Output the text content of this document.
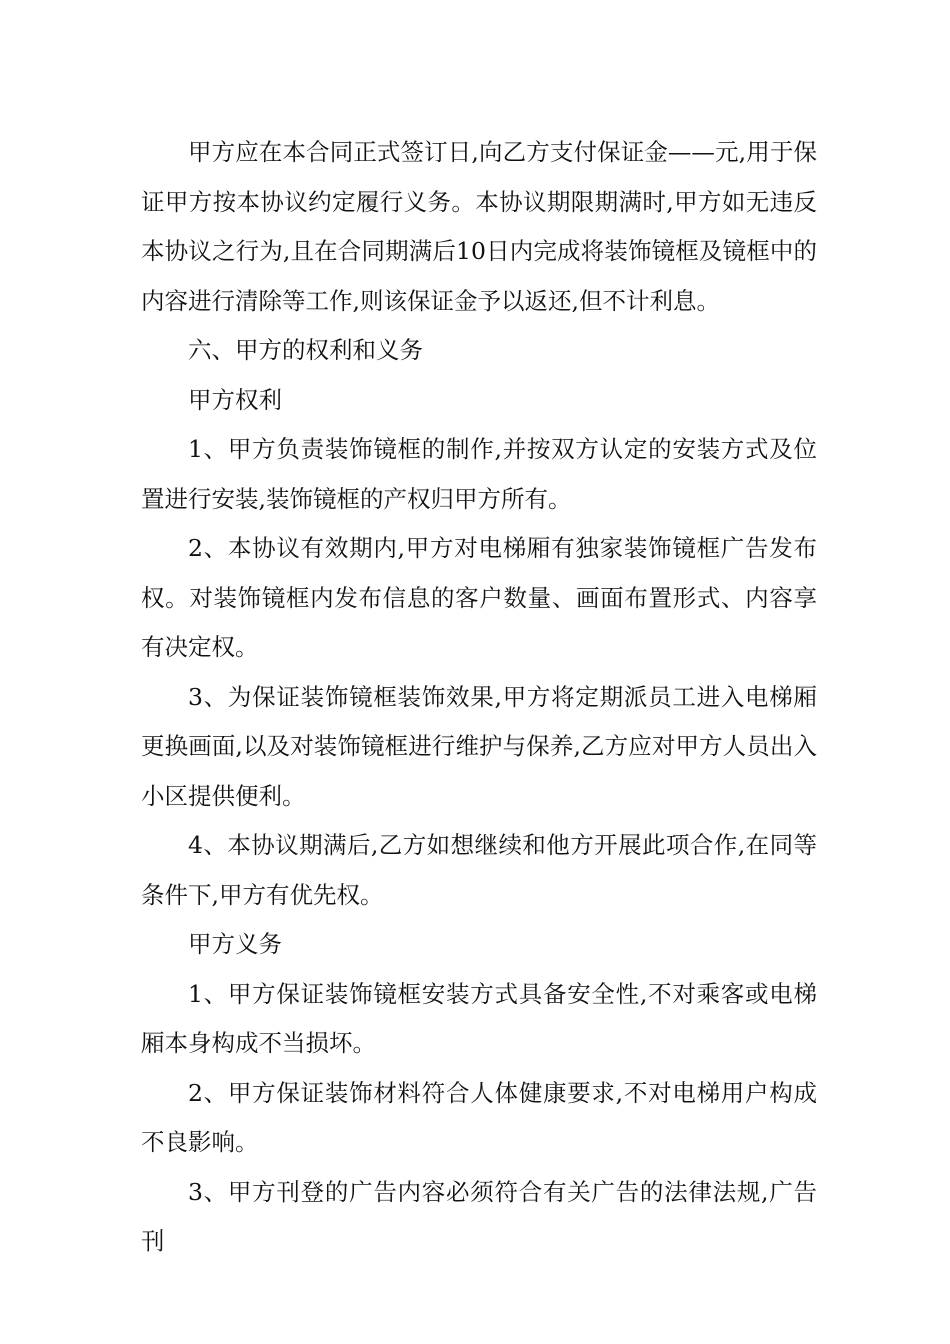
甲方应在本合同正式签订日,向乙方支付保证金——元,用于保证甲方按本协议约定履行义务。本协议期限期满时,甲方如无违反本协议之行为,且在合同期满后10日内完成将装饰镜框及镜框中的内容进行清除等工作,则该保证金予以返还,但不计利息。

六、甲方的权利和义务

甲方权利

1、甲方负责装饰镜框的制作,并按双方认定的安装方式及位置进行安装,装饰镜框的产权归甲方所有。

2、本协议有效期内,甲方对电梯厢有独家装饰镜框广告发布权。对装饰镜框内发布信息的客户数量、画面布置形式、内容享有决定权。

3、为保证装饰镜框装饰效果,甲方将定期派员工进入电梯厢更换画面,以及对装饰镜框进行维护与保养,乙方应对甲方人员出入小区提供便利。

4、本协议期满后,乙方如想继续和他方开展此项合作,在同等条件下,甲方有优先权。

甲方义务

1、甲方保证装饰镜框安装方式具备安全性,不对乘客或电梯厢本身构成不当损坏。

2、甲方保证装饰材料符合人体健康要求,不对电梯用户构成不良影响。

3、甲方刊登的广告内容必须符合有关广告的法律法规,广告刊
